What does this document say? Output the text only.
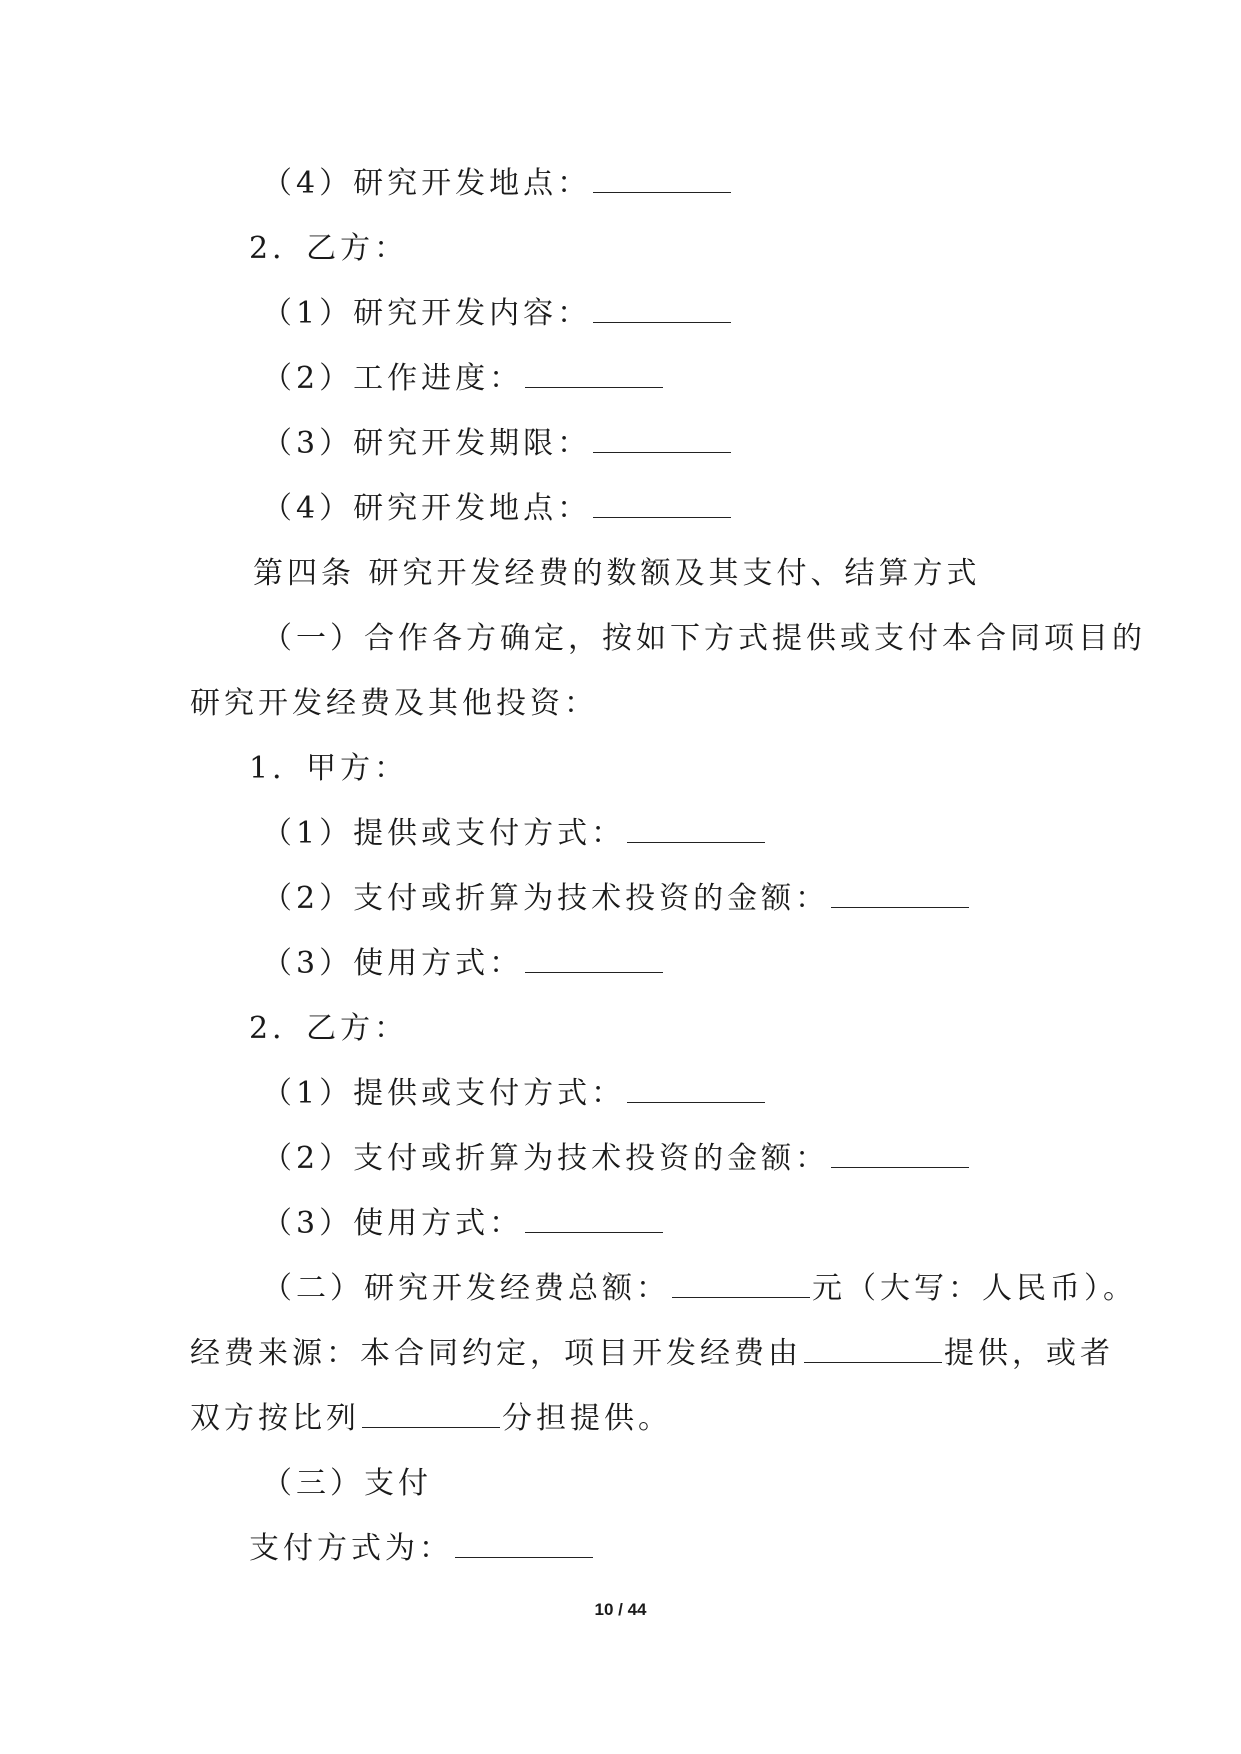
（4）研究开发地点：
2．乙方：
（1）研究开发内容：
（2）工作进度：
（3）研究开发期限：
（4）研究开发地点：
第四条 研究开发经费的数额及其支付、结算方式
（一）合作各方确定，按如下方式提供或支付本合同项目的
研究开发经费及其他投资：
1．甲方：
（1）提供或支付方式：
（2）支付或折算为技术投资的金额：
（3）使用方式：
2．乙方：
（1）提供或支付方式：
（2）支付或折算为技术投资的金额：
（3）使用方式：
（二）研究开发经费总额：	元（大写：人民币）。
经费来源：本合同约定，项目开发经费由	提供，或者
双方按比列	分担提供。
（三）支付
支付方式为：
10 / 44
